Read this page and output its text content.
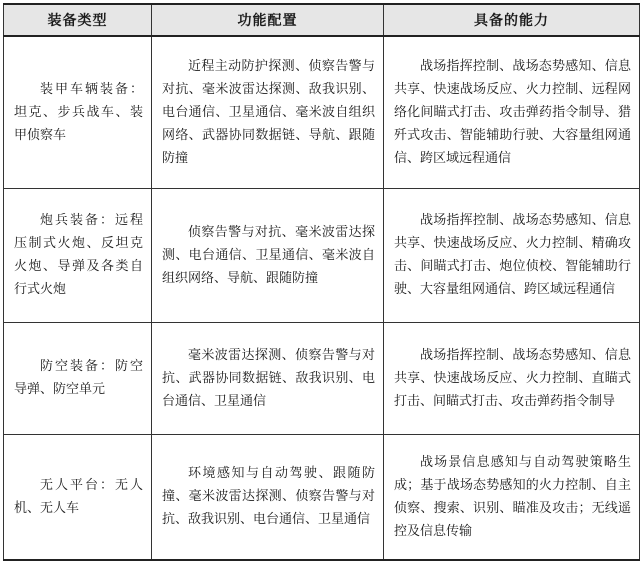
装备类型	功能配置	具备的能力
装甲车辆装备：坦克、步兵战车、装甲侦察车	近程主动防护探测、侦察告警与对抗、毫米波雷达探测、敌我识别、电台通信、卫星通信、毫米波自组织网络、武器协同数据链、导航、跟随防撞	战场指挥控制、战场态势感知、信息共享、快速战场反应、火力控制、远程网络化间瞄式打击、攻击弹药指令制导、猎歼式攻击、智能辅助行驶、大容量组网通信、跨区域远程通信
炮兵装备：远程压制式火炮、反坦克火炮、导弹及各类自行式火炮	侦察告警与对抗、毫米波雷达探测、电台通信、卫星通信、毫米波自组织网络、导航、跟随防撞	战场指挥控制、战场态势感知、信息共享、快速战场反应、火力控制、精确攻击、间瞄式打击、炮位侦校、智能辅助行驶、大容量组网通信、跨区域远程通信
防空装备：防空导弹、防空单元	毫米波雷达探测、侦察告警与对抗、武器协同数据链、敌我识别、电台通信、卫星通信	战场指挥控制、战场态势感知、信息共享、快速战场反应、火力控制、直瞄式打击、间瞄式打击、攻击弹药指令制导
无人平台：无人机、无人车	环境感知与自动驾驶、跟随防撞、毫米波雷达探测、侦察告警与对抗、敌我识别、电台通信、卫星通信	战场景信息感知与自动驾驶策略生成；基于战场态势感知的火力控制、自主侦察、搜索、识别、瞄准及攻击；无线遥控及信息传输
